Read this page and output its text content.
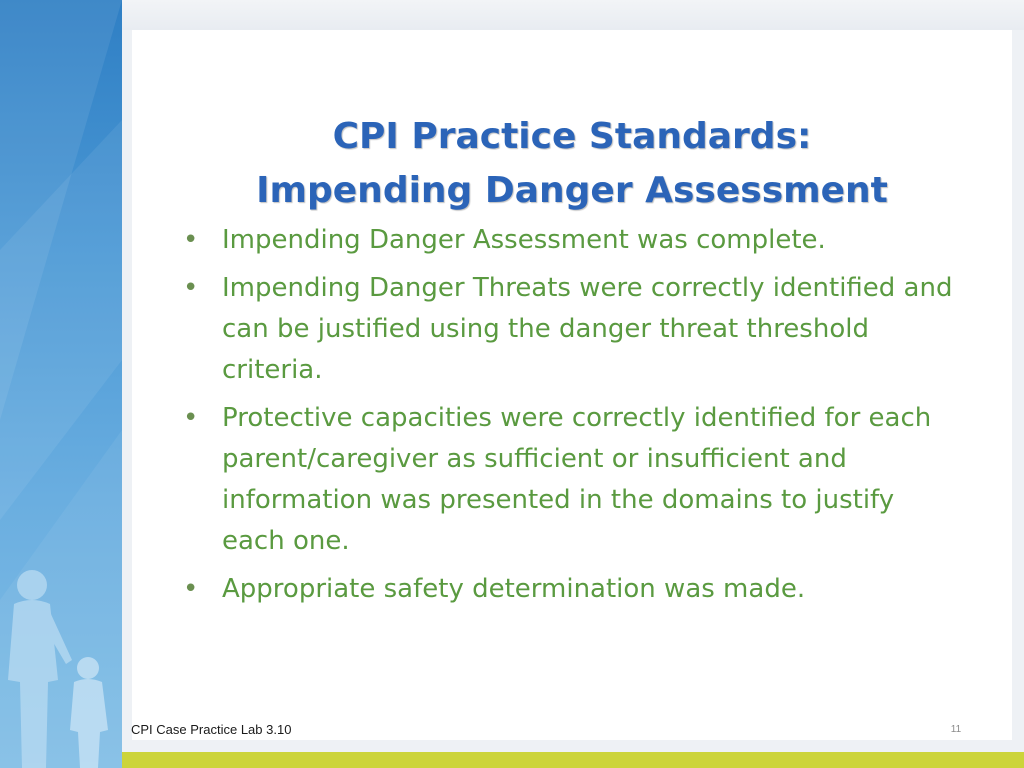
CPI Practice Standards:
Impending Danger Assessment
• Impending Danger Assessment was complete.
• Impending Danger Threats were correctly identified and can be justified using the danger threat threshold criteria.
• Protective capacities were correctly identified for each parent/caregiver as sufficient or insufficient and information was presented in the domains to justify each one.
• Appropriate safety determination was made.
CPI Case Practice Lab 3.10	11
